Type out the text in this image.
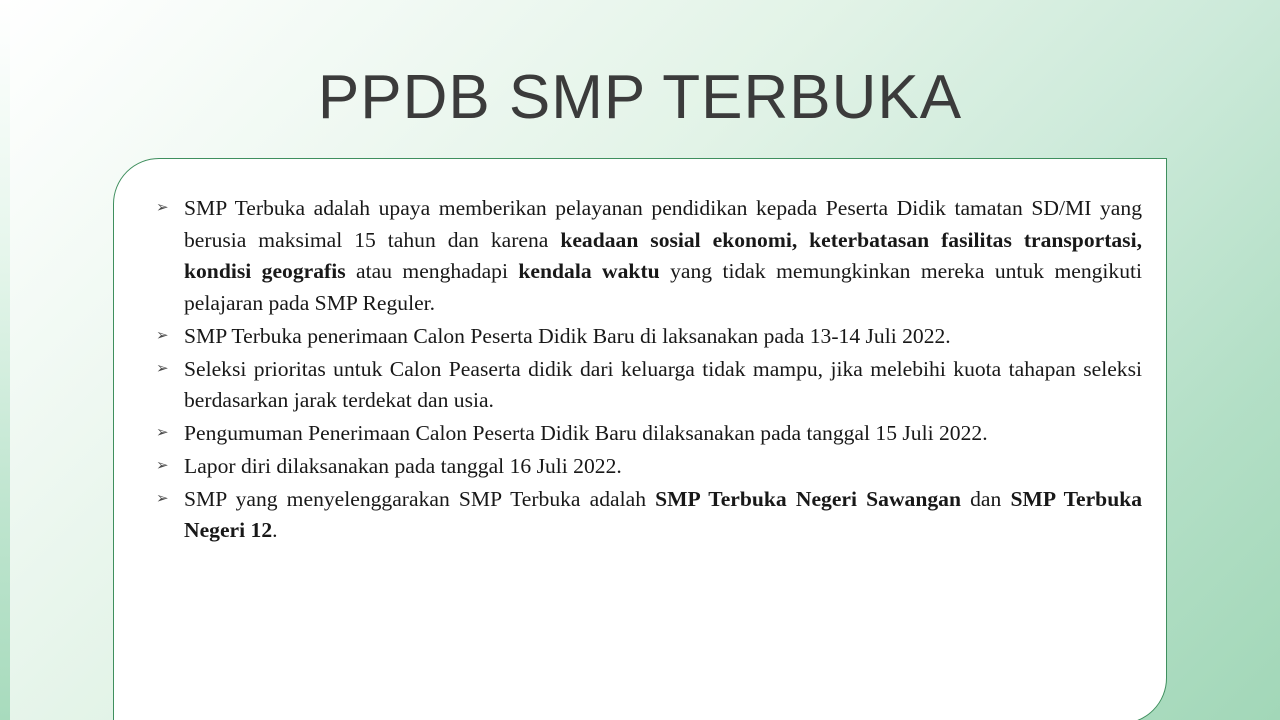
PPDB SMP TERBUKA
➢ SMP Terbuka adalah upaya memberikan pelayanan pendidikan kepada Peserta Didik tamatan SD/MI yang berusia maksimal 15 tahun dan karena keadaan sosial ekonomi, keterbatasan fasilitas transportasi, kondisi geografis atau menghadapi kendala waktu yang tidak memungkinkan mereka untuk mengikuti pelajaran pada SMP Reguler.
➢ SMP Terbuka penerimaan Calon Peserta Didik Baru di laksanakan pada 13-14 Juli 2022.
➢ Seleksi prioritas untuk Calon Peaserta didik dari keluarga tidak mampu, jika melebihi kuota tahapan seleksi berdasarkan jarak terdekat dan usia.
➢ Pengumuman Penerimaan Calon Peserta Didik Baru dilaksanakan pada tanggal 15 Juli 2022.
➢ Lapor diri dilaksanakan pada tanggal 16 Juli 2022.
➢ SMP yang menyelenggarakan SMP Terbuka adalah SMP Terbuka Negeri Sawangan dan SMP Terbuka Negeri 12.
